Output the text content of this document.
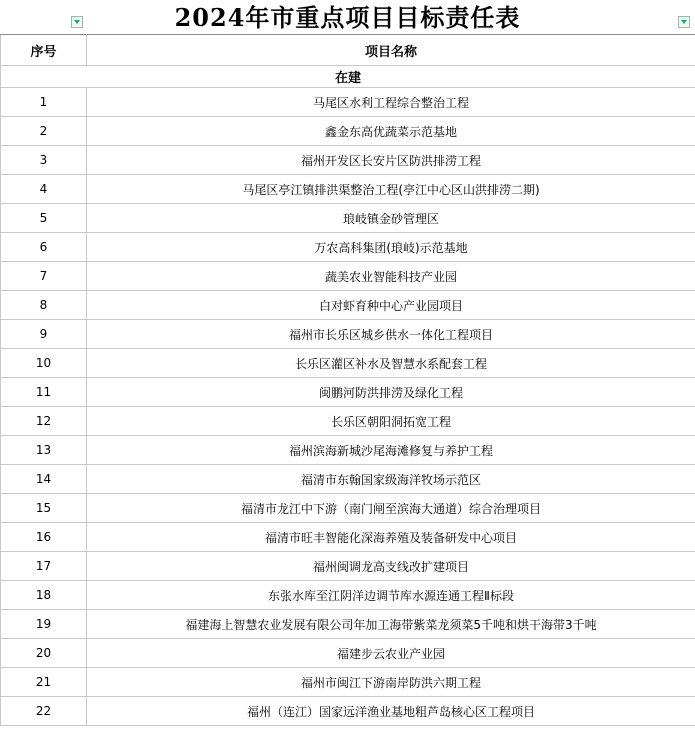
2024年市重点项目目标责任表
序号	项目名称
在建	
1	马尾区水利工程综合整治工程
2	鑫金东高优蔬菜示范基地
3	福州开发区长安片区防洪排涝工程
4	马尾区亭江镇排洪渠整治工程(亭江中心区山洪排涝二期)
5	琅岐镇金砂管理区
6	万农高科集团(琅岐)示范基地
7	蔬美农业智能科技产业园
8	白对虾育种中心产业园项目
9	福州市长乐区城乡供水一体化工程项目
10	长乐区灌区补水及智慧水系配套工程
11	闽鹏河防洪排涝及绿化工程
12	长乐区朝阳洞拓宽工程
13	福州滨海新城沙尾海滩修复与养护工程
14	福清市东翰国家级海洋牧场示范区
15	福清市龙江中下游（南门闸至滨海大通道）综合治理项目
16	福清市旺丰智能化深海养殖及装备研发中心项目
17	福州闽调龙高支线改扩建项目
18	东张水库至江阴洋边调节库水源连通工程Ⅱ标段
19	福建海上智慧农业发展有限公司年加工海带紫菜龙须菜5千吨和烘干海带3千吨
20	福建步云农业产业园
21	福州市闽江下游南岸防洪六期工程
22	福州（连江）国家远洋渔业基地粗芦岛核心区工程项目
